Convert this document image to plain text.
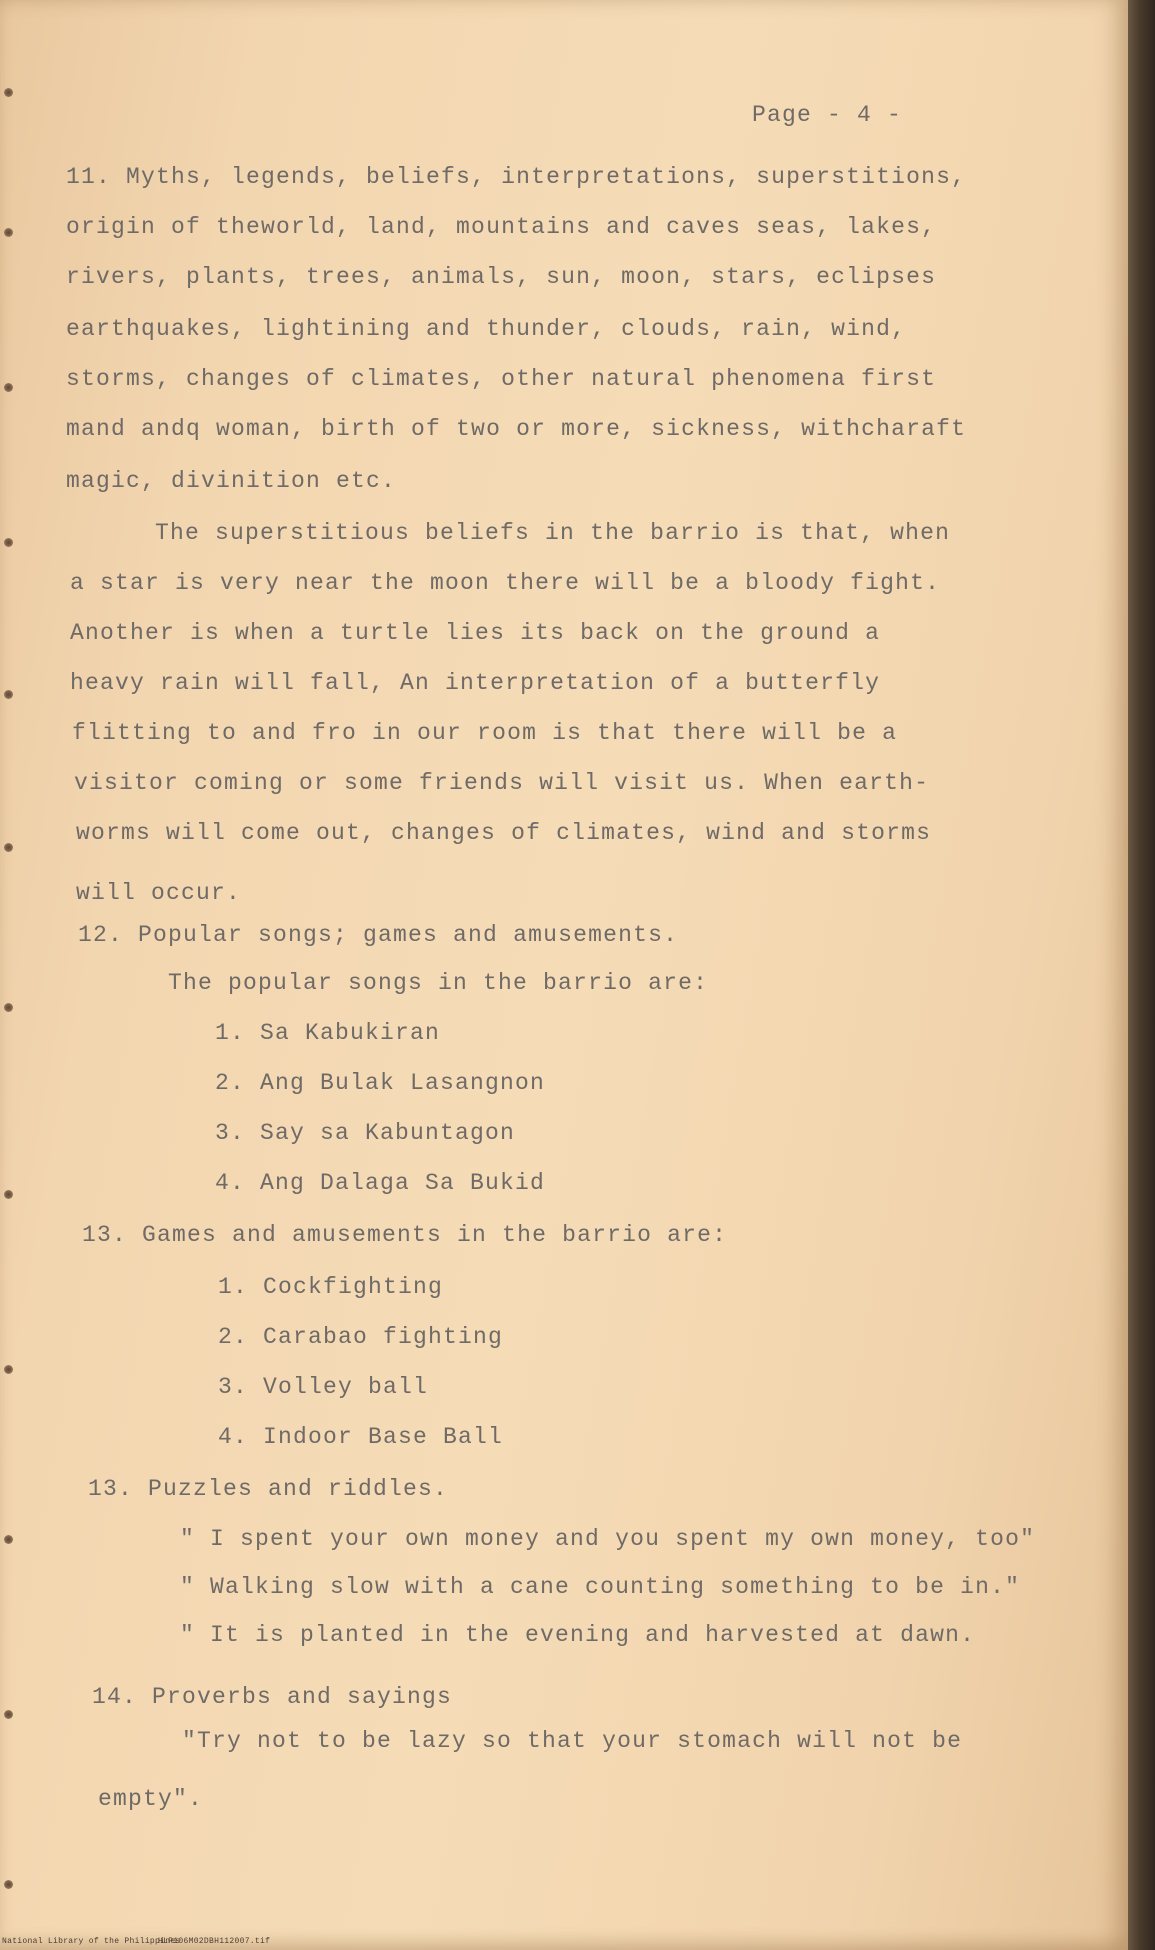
Page - 4 -
11. Myths, legends, beliefs, interpretations, superstitions,
origin of theworld, land, mountains and caves seas, lakes,
rivers, plants, trees, animals, sun, moon, stars, eclipses
earthquakes, lightining and thunder, clouds, rain, wind,
storms, changes of climates, other natural phenomena first
mand andq woman, birth of two or more, sickness, withcharaft
magic, divinition etc.
The superstitious beliefs in the barrio is that, when
a star is very near the moon there will be a bloody fight.
Another is when a turtle lies its back on the ground a
heavy rain will fall, An interpretation of a butterfly
flitting to and fro in our room is that there will be a
visitor coming or some friends will visit us. When earth-
worms will come out, changes of climates, wind and storms
will occur.
12. Popular songs; games and amusements.
The popular songs in the barrio are:
1. Sa Kabukiran
2. Ang Bulak Lasangnon
3. Say sa Kabuntagon
4. Ang Dalaga Sa Bukid
13. Games and amusements in the barrio are:
1. Cockfighting
2. Carabao fighting
3. Volley ball
4. Indoor Base Ball
13. Puzzles and riddles.
" I spent your own money and you spent my own money, too"
" Walking slow with a cane counting something to be in."
" It is planted in the evening and harvested at dawn.
14. Proverbs and sayings
"Try not to be lazy so that your stomach will not be
empty".
National Library of the Philippines
HLP106M02DBH112007.tif
